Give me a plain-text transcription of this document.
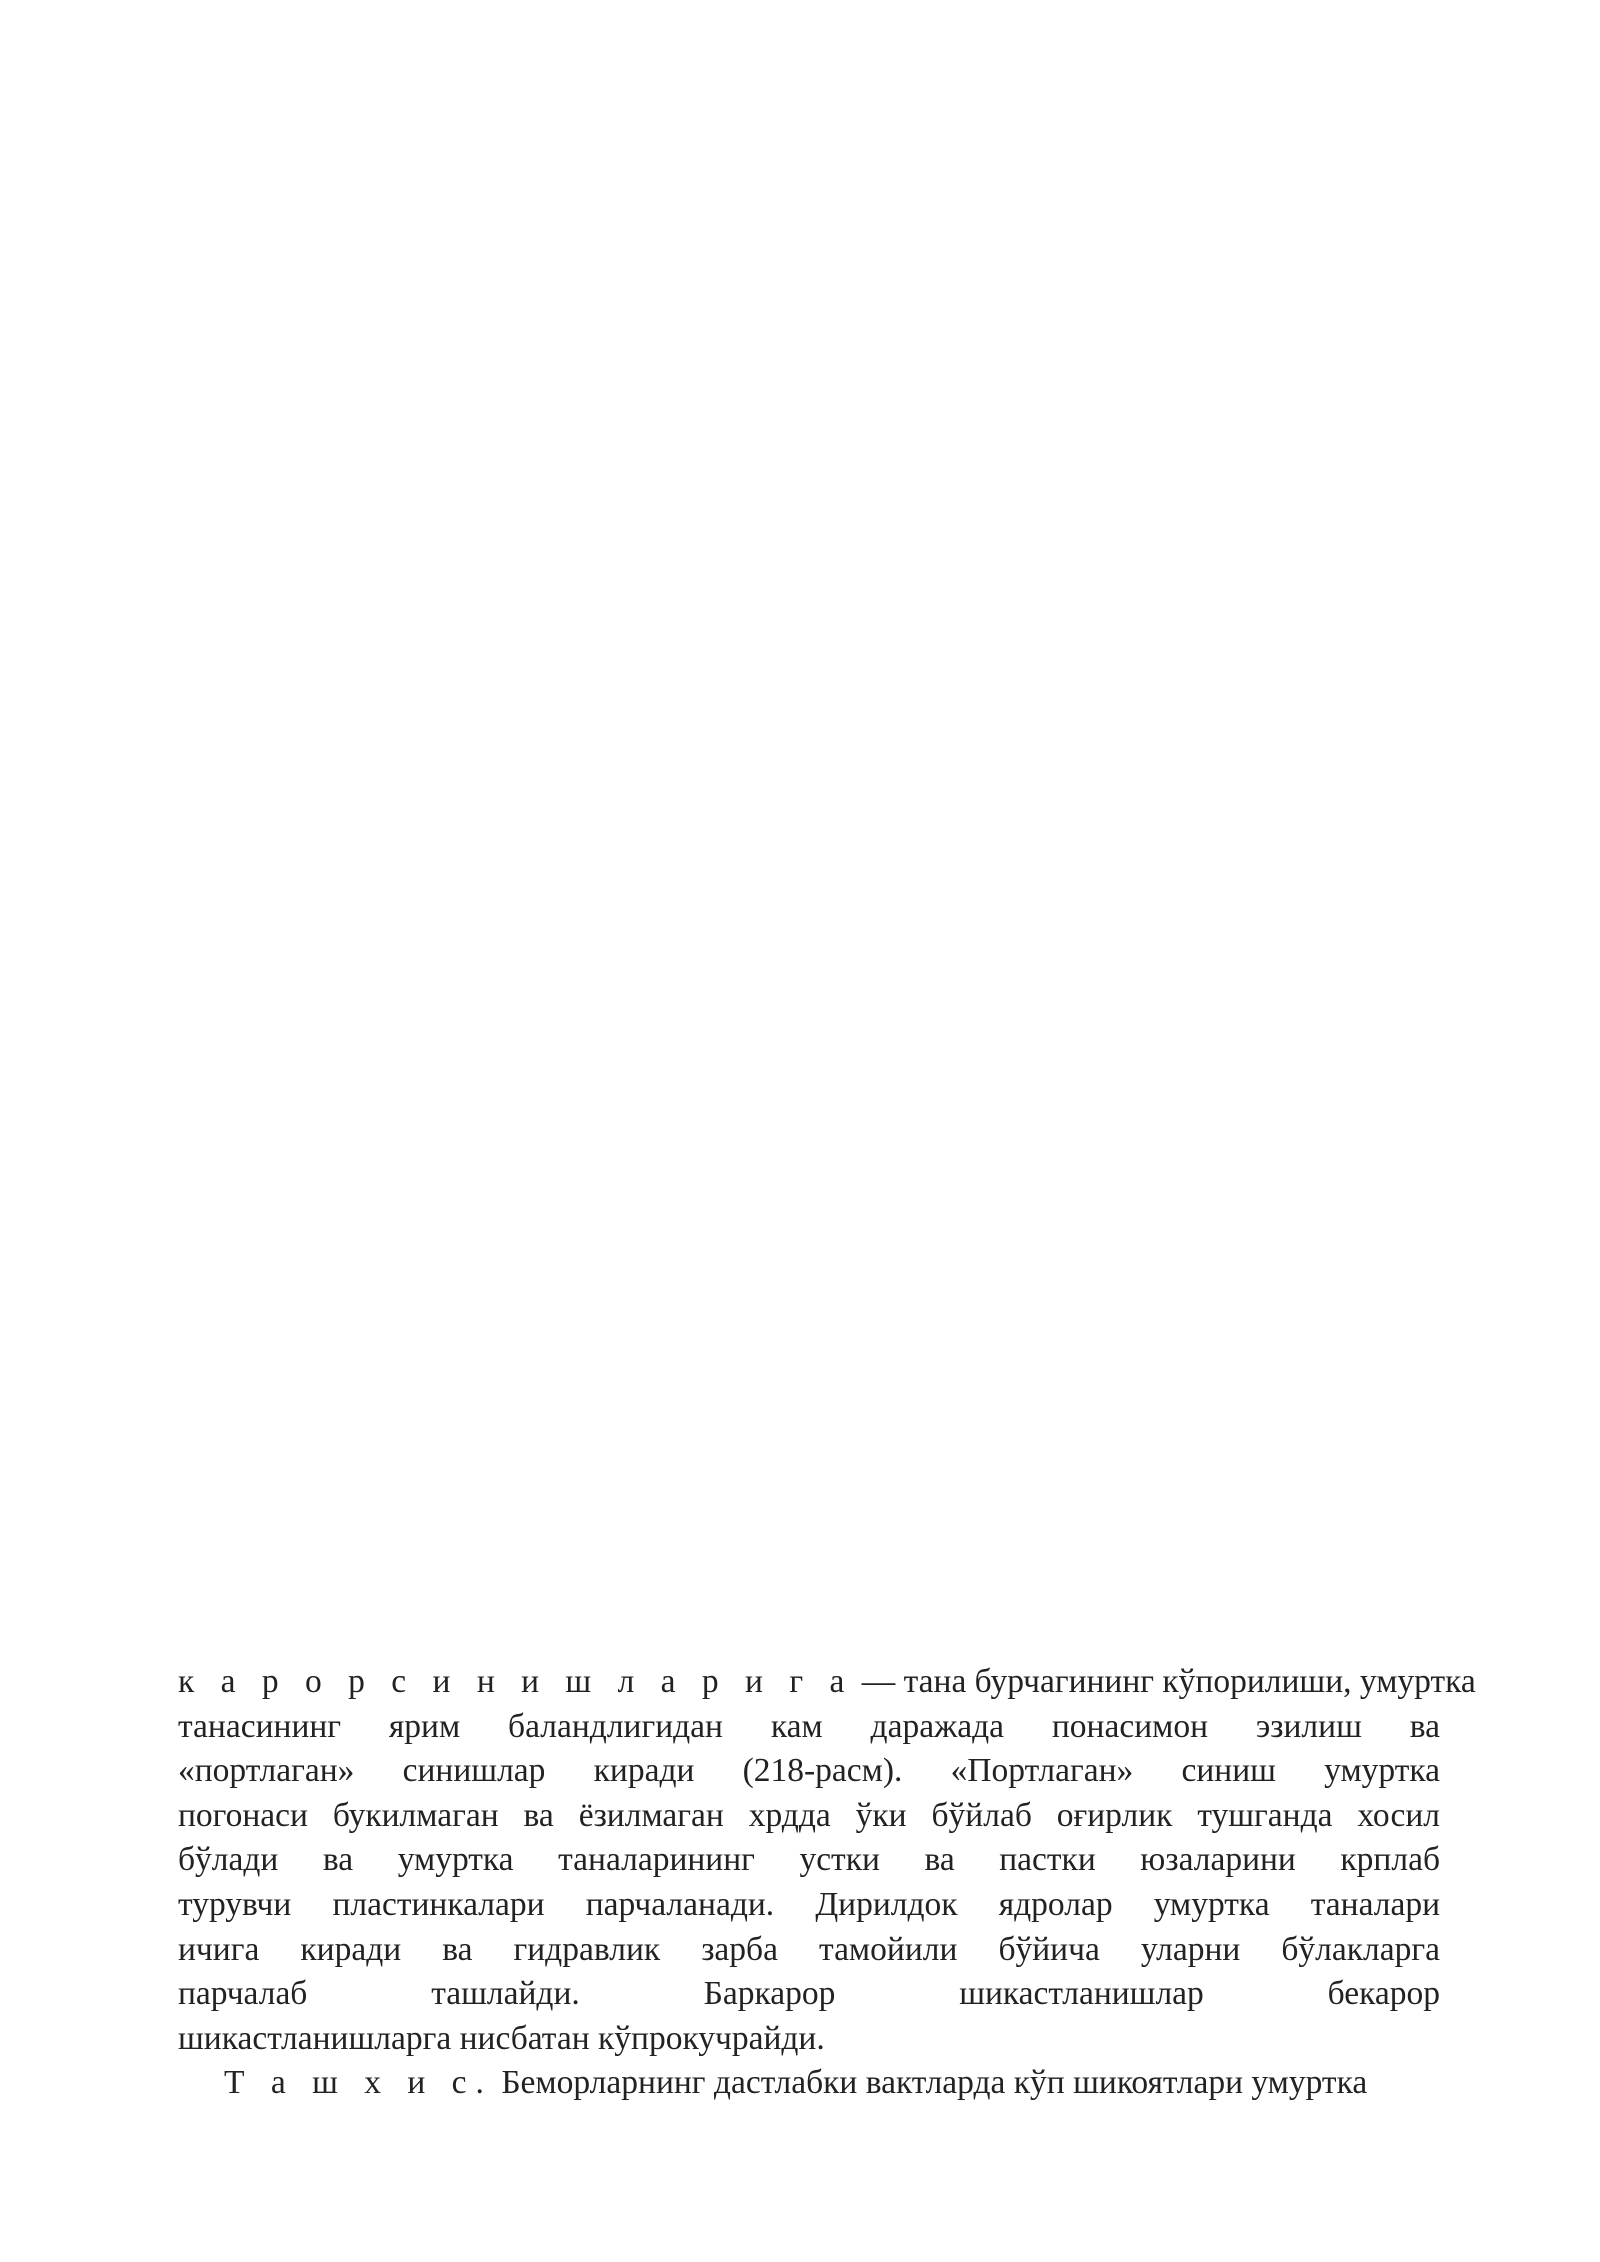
к а р о р с и н и ш л а р и г а — тана бурчагининг кўпорилиши, умуртка
танасининг ярим баландлигидан кам даражада понасимон эзилиш ва
«портлаган» синишлар киради (218-расм). «Портлаган» синиш умуртка
погонаси букилмаган ва ёзилмаган хрдда ўки бўйлаб оғирлик тушганда хосил
бўлади ва умуртка таналарининг устки ва пастки юзаларини крплаб
турувчи пластинкалари парчаланади. Дирилдок ядролар умуртка таналари
ичига киради ва гидравлик зарба тамойили бўйича уларни бўлакларга
парчалаб ташлайди. Баркарор шикастланишлар бекарор
шикастланишларга нисбатан кўпрокучрайди.

Т а ш х и с. Беморларнинг дастлабки вактларда кўп шикоятлари умуртка
